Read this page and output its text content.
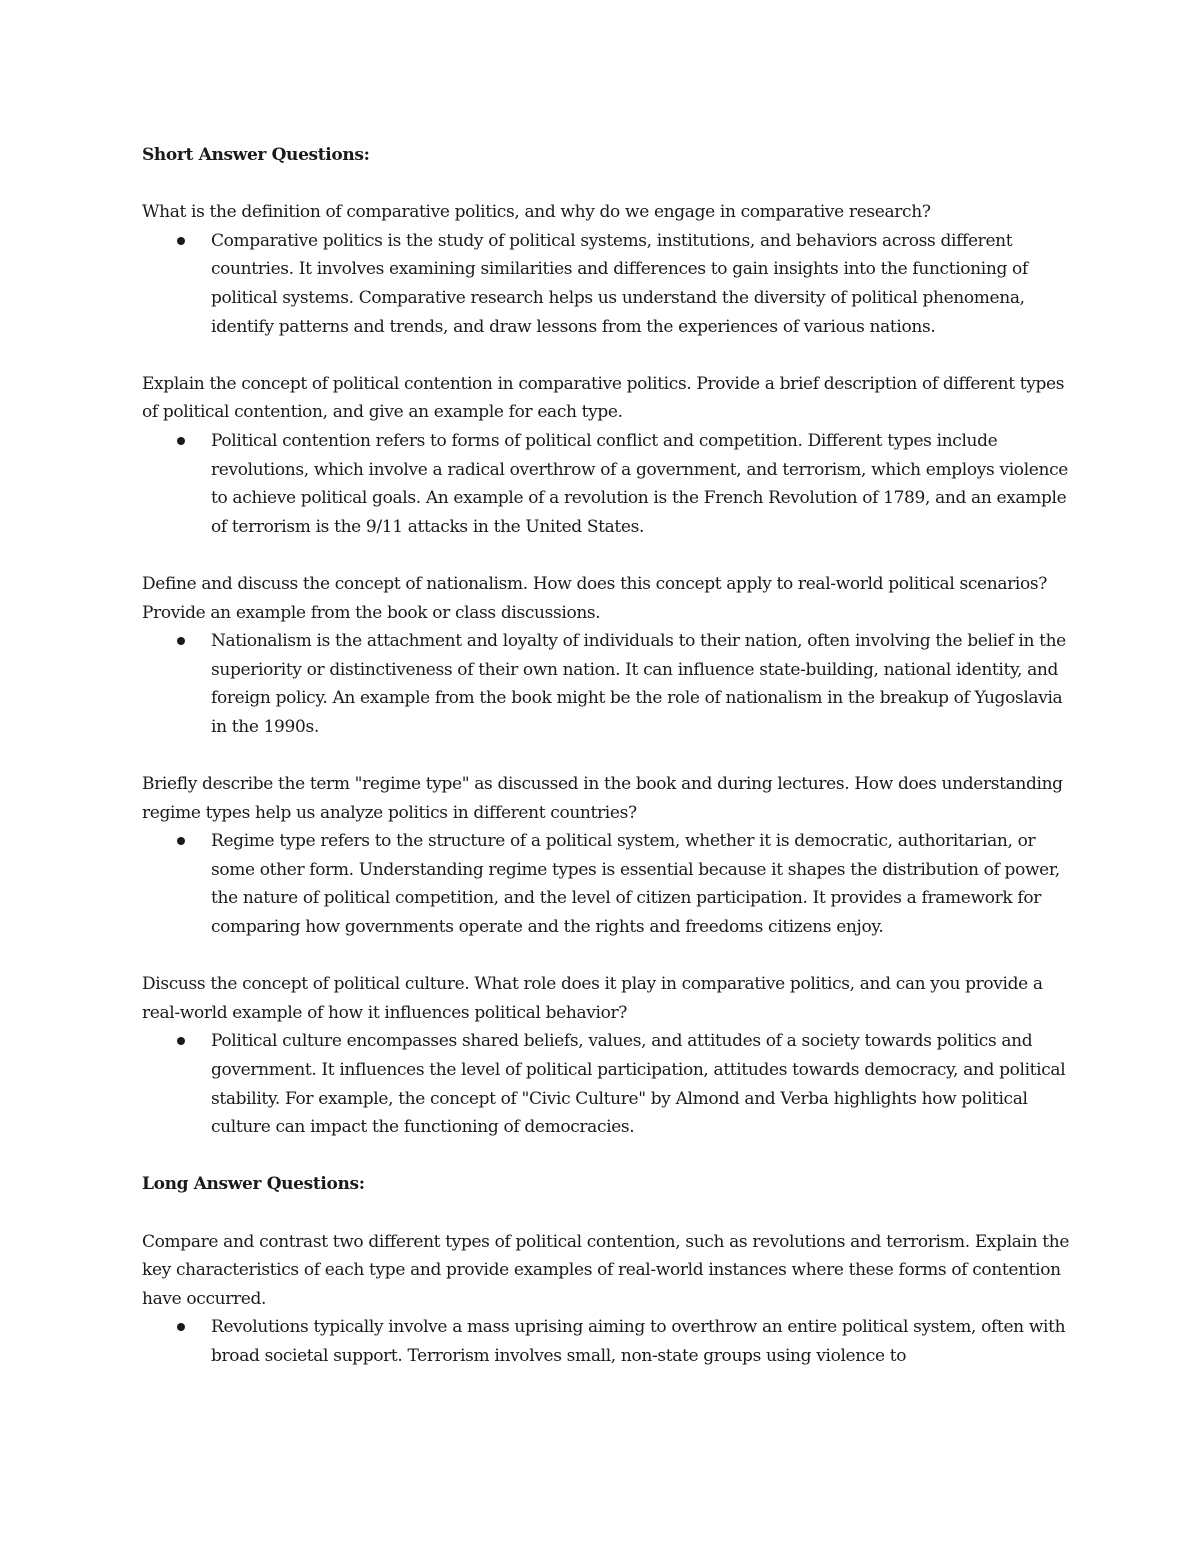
Short Answer Questions:

What is the definition of comparative politics, and why do we engage in comparative research?

Comparative politics is the study of political systems, institutions, and behaviors across different countries. It involves examining similarities and differences to gain insights into the functioning of political systems. Comparative research helps us understand the diversity of political phenomena, identify patterns and trends, and draw lessons from the experiences of various nations.

Explain the concept of political contention in comparative politics. Provide a brief description of different types of political contention, and give an example for each type.

Political contention refers to forms of political conflict and competition. Different types include revolutions, which involve a radical overthrow of a government, and terrorism, which employs violence to achieve political goals. An example of a revolution is the French Revolution of 1789, and an example of terrorism is the 9/11 attacks in the United States.

Define and discuss the concept of nationalism. How does this concept apply to real-world political scenarios? Provide an example from the book or class discussions.

Nationalism is the attachment and loyalty of individuals to their nation, often involving the belief in the superiority or distinctiveness of their own nation. It can influence state-building, national identity, and foreign policy. An example from the book might be the role of nationalism in the breakup of Yugoslavia in the 1990s.

Briefly describe the term "regime type" as discussed in the book and during lectures. How does understanding regime types help us analyze politics in different countries?

Regime type refers to the structure of a political system, whether it is democratic, authoritarian, or some other form. Understanding regime types is essential because it shapes the distribution of power, the nature of political competition, and the level of citizen participation. It provides a framework for comparing how governments operate and the rights and freedoms citizens enjoy.

Discuss the concept of political culture. What role does it play in comparative politics, and can you provide a real-world example of how it influences political behavior?

Political culture encompasses shared beliefs, values, and attitudes of a society towards politics and government. It influences the level of political participation, attitudes towards democracy, and political stability. For example, the concept of "Civic Culture" by Almond and Verba highlights how political culture can impact the functioning of democracies.

Long Answer Questions:

Compare and contrast two different types of political contention, such as revolutions and terrorism. Explain the key characteristics of each type and provide examples of real-world instances where these forms of contention have occurred.

Revolutions typically involve a mass uprising aiming to overthrow an entire political system, often with broad societal support. Terrorism involves small, non-state groups using violence to
